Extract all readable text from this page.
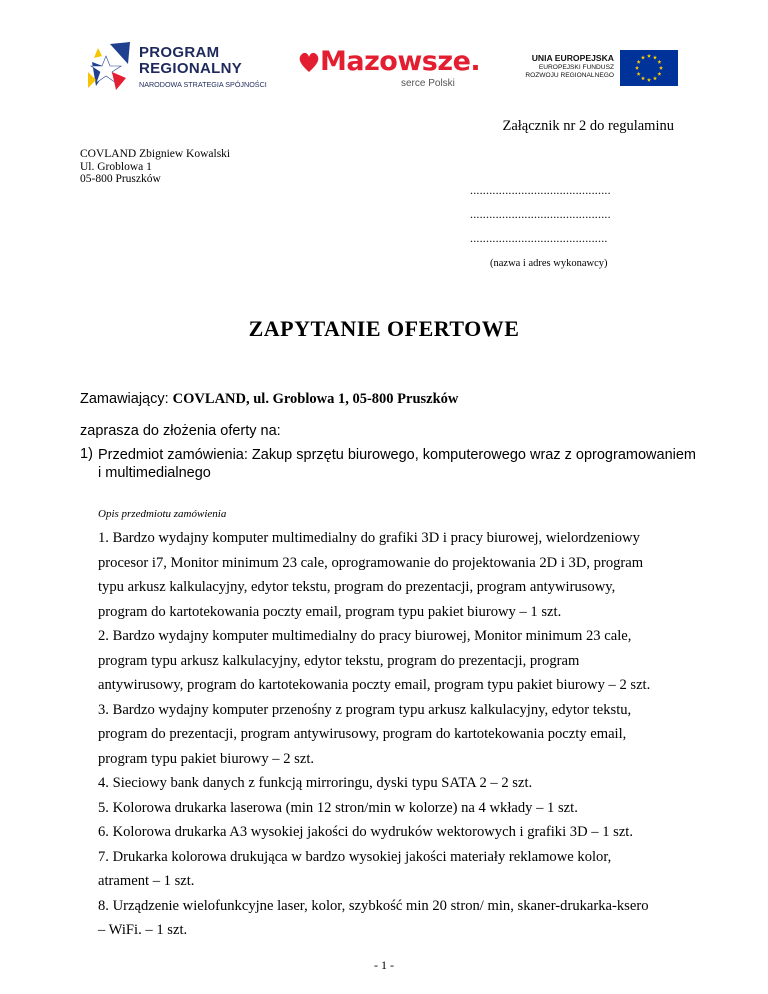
PROGRAM
REGIONALNY
NARODOWA STRATEGIA SPÓJNOŚCI
Mazowsze.
serce Polski
UNIA EUROPEJSKA
EUROPEJSKI FUNDUSZ
ROZWOJU REGIONALNEGO
Załącznik nr 2 do regulaminu
COVLAND Zbigniew Kowalski
Ul. Groblowa 1
05-800 Pruszków
............................................
............................................
...........................................
(nazwa i adres wykonawcy)
ZAPYTANIE OFERTOWE
Zamawiający: COVLAND, ul. Groblowa 1, 05-800 Pruszków
zaprasza do złożenia oferty na:
1) Przedmiot zamówienia: Zakup sprzętu biurowego, komputerowego wraz z oprogramowaniem
i multimedialnego
Opis przedmiotu zamówienia
1. Bardzo wydajny komputer multimedialny do grafiki 3D i pracy biurowej, wielordzeniowy
procesor i7, Monitor minimum 23 cale, oprogramowanie do projektowania 2D i 3D, program
typu arkusz kalkulacyjny, edytor tekstu, program do prezentacji, program antywirusowy,
program do kartotekowania poczty email, program typu pakiet biurowy – 1 szt.
2. Bardzo wydajny komputer multimedialny do pracy biurowej, Monitor minimum 23 cale,
program typu arkusz kalkulacyjny, edytor tekstu, program do prezentacji, program
antywirusowy, program do kartotekowania poczty email, program typu pakiet biurowy – 2 szt.
3. Bardzo wydajny komputer przenośny z program typu arkusz kalkulacyjny, edytor tekstu,
program do prezentacji, program antywirusowy, program do kartotekowania poczty email,
program typu pakiet biurowy – 2 szt.
4. Sieciowy bank danych z funkcją mirroringu, dyski typu SATA 2 – 2 szt.
5. Kolorowa drukarka laserowa (min 12 stron/min w kolorze) na 4 wkłady – 1 szt.
6. Kolorowa drukarka A3 wysokiej jakości do wydruków wektorowych i grafiki 3D – 1 szt.
7. Drukarka kolorowa drukująca w bardzo wysokiej jakości materiały reklamowe kolor,
atrament – 1 szt.
8. Urządzenie wielofunkcyjne laser, kolor, szybkość min 20 stron/ min, skaner-drukarka-ksero
– WiFi. – 1 szt.
- 1 -
